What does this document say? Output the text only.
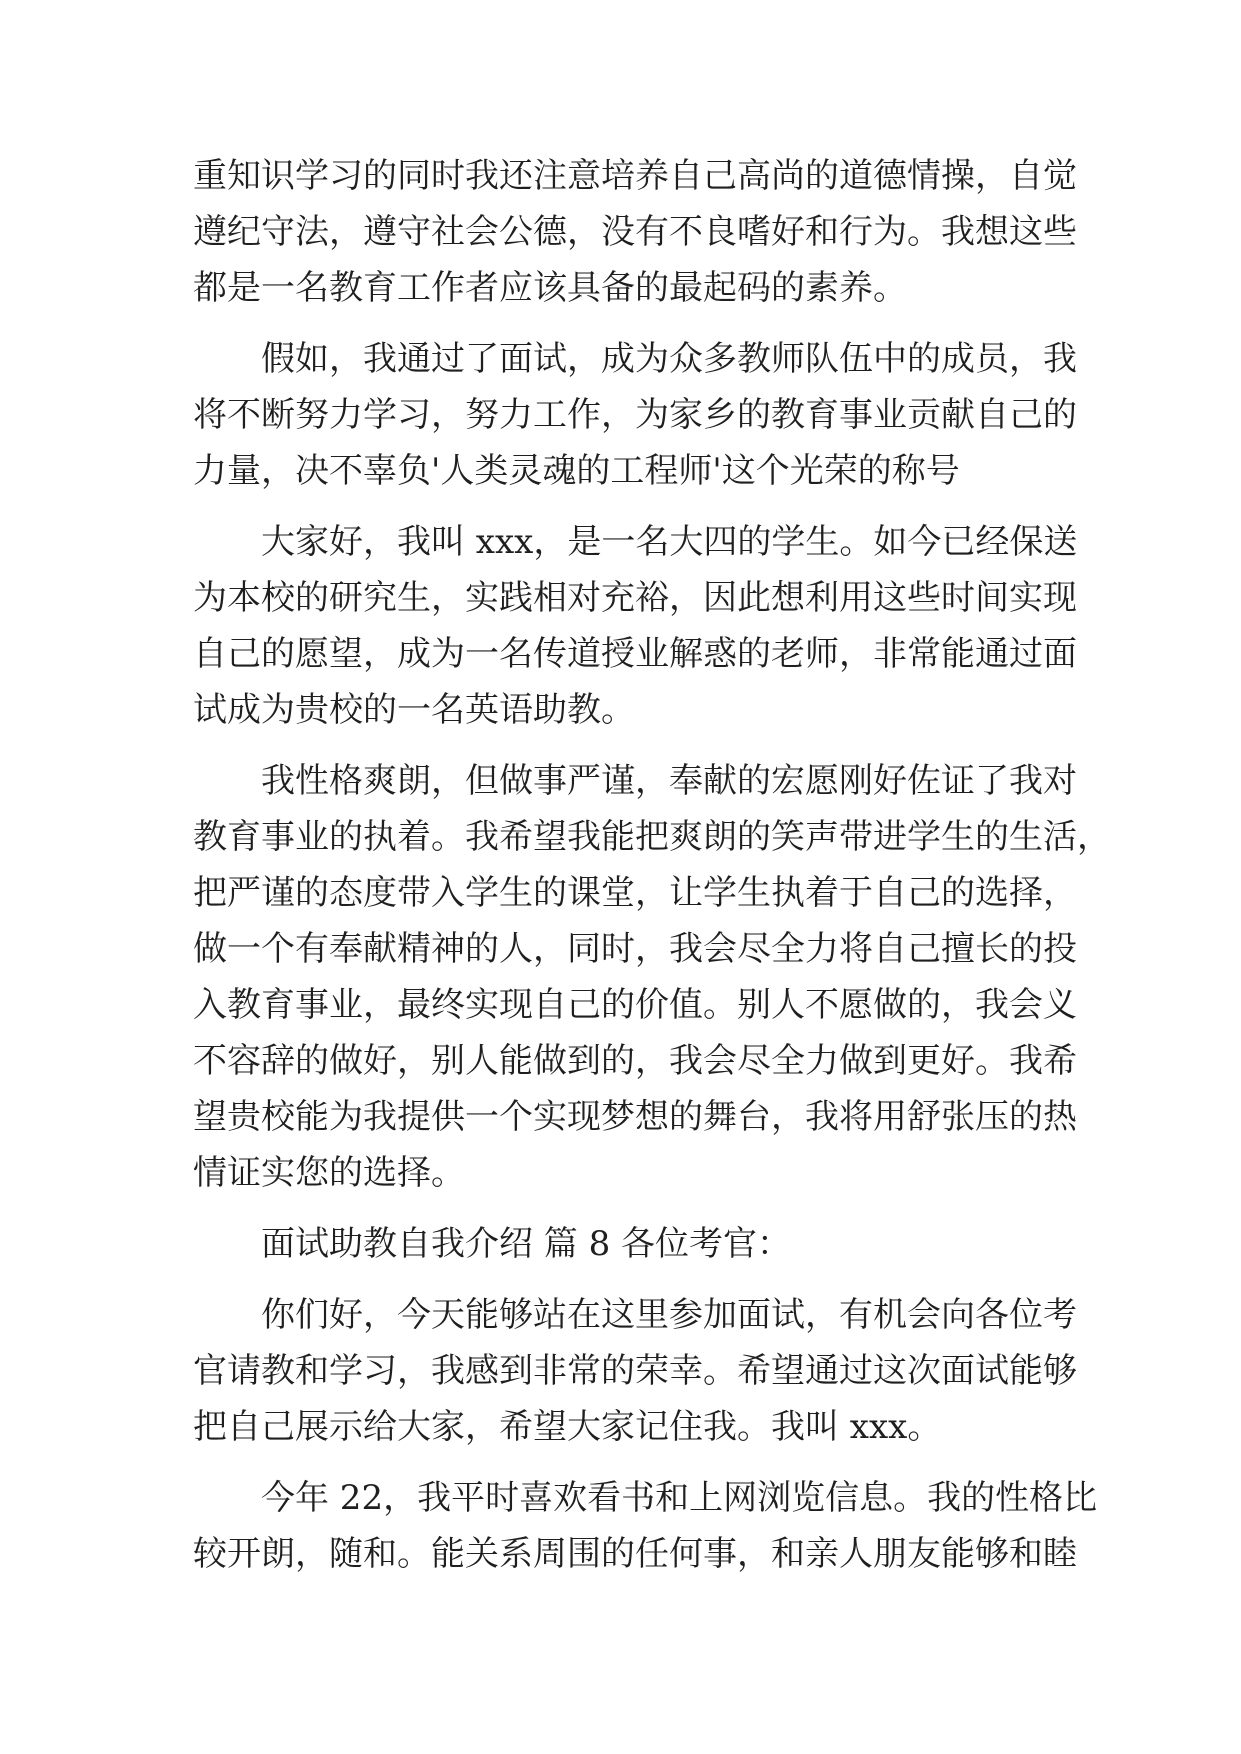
重知识学习的同时我还注意培养自己高尚的道德情操，自觉
遵纪守法，遵守社会公德，没有不良嗜好和行为。我想这些
都是一名教育工作者应该具备的最起码的素养。
假如，我通过了面试，成为众多教师队伍中的成员，我
将不断努力学习，努力工作，为家乡的教育事业贡献自己的
力量，决不辜负'人类灵魂的工程师'这个光荣的称号
大家好，我叫 xxx，是一名大四的学生。如今已经保送
为本校的研究生，实践相对充裕，因此想利用这些时间实现
自己的愿望，成为一名传道授业解惑的老师，非常能通过面
试成为贵校的一名英语助教。
我性格爽朗，但做事严谨，奉献的宏愿刚好佐证了我对
教育事业的执着。我希望我能把爽朗的笑声带进学生的生活，
把严谨的态度带入学生的课堂，让学生执着于自己的选择，
做一个有奉献精神的人，同时，我会尽全力将自己擅长的投
入教育事业，最终实现自己的价值。别人不愿做的，我会义
不容辞的做好，别人能做到的，我会尽全力做到更好。我希
望贵校能为我提供一个实现梦想的舞台，我将用舒张压的热
情证实您的选择。
面试助教自我介绍 篇 8 各位考官：
你们好，今天能够站在这里参加面试，有机会向各位考
官请教和学习，我感到非常的荣幸。希望通过这次面试能够
把自己展示给大家，希望大家记住我。我叫 xxx。
今年 22，我平时喜欢看书和上网浏览信息。我的性格比
较开朗，随和。能关系周围的任何事，和亲人朋友能够和睦
